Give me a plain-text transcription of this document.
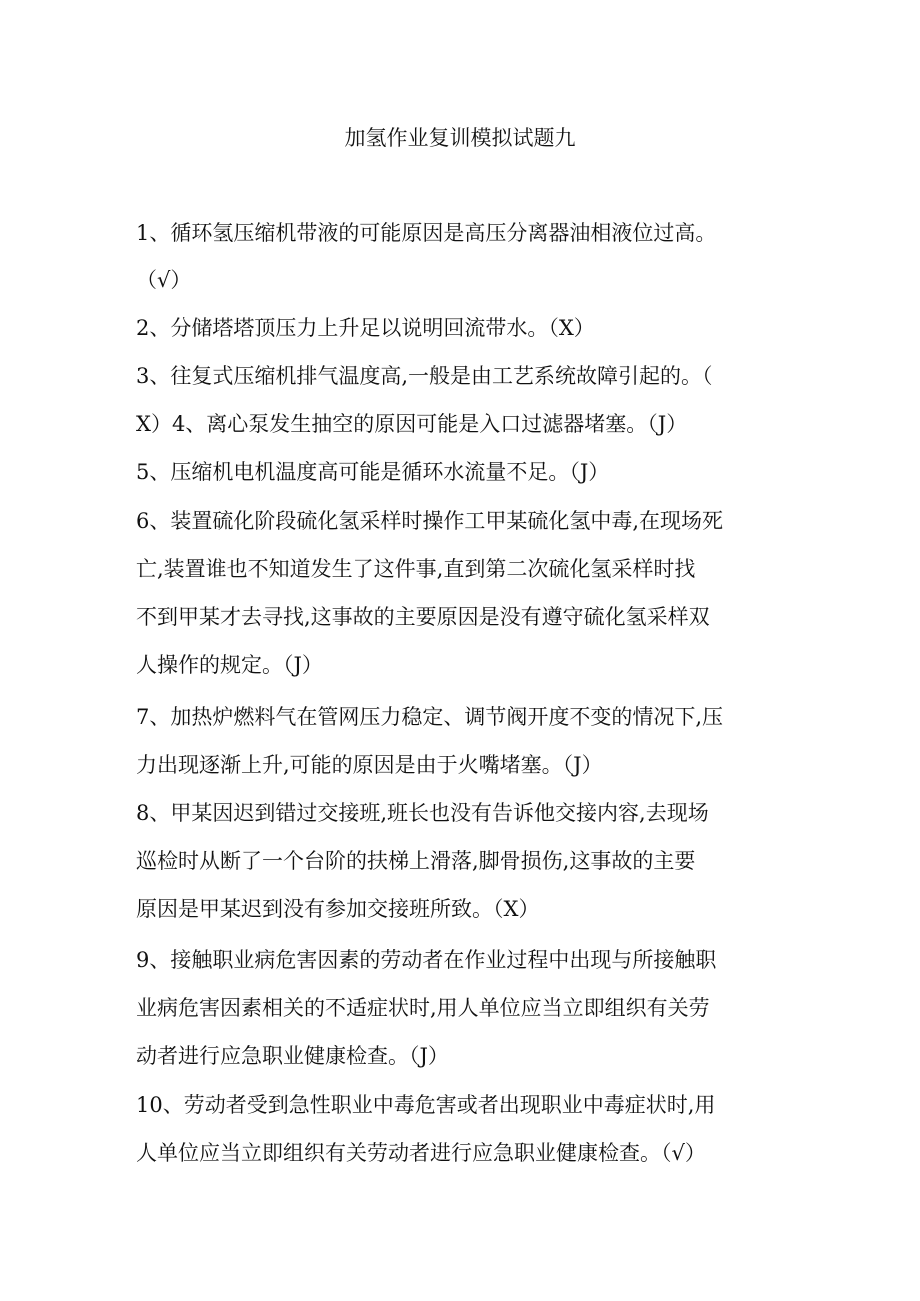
加氢作业复训模拟试题九
1、循环氢压缩机带液的可能原因是高压分离器油相液位过高。
（√）
2、分储塔塔顶压力上升足以说明回流带水。（X）
3、往复式压缩机排气温度高,一般是由工艺系统故障引起的。（
X）4、离心泵发生抽空的原因可能是入口过滤器堵塞。（J）
5、压缩机电机温度高可能是循环水流量不足。（J）
6、装置硫化阶段硫化氢采样时操作工甲某硫化氢中毒,在现场死
亡,装置谁也不知道发生了这件事,直到第二次硫化氢采样时找
不到甲某才去寻找,这事故的主要原因是没有遵守硫化氢采样双
人操作的规定。（J）
7、加热炉燃料气在管网压力稳定、调节阀开度不变的情况下,压
力出现逐渐上升,可能的原因是由于火嘴堵塞。（J）
8、甲某因迟到错过交接班,班长也没有告诉他交接内容,去现场
巡检时从断了一个台阶的扶梯上滑落,脚骨损伤,这事故的主要
原因是甲某迟到没有参加交接班所致。（X）
9、接触职业病危害因素的劳动者在作业过程中出现与所接触职
业病危害因素相关的不适症状时,用人单位应当立即组织有关劳
动者进行应急职业健康检查。（J）
10、劳动者受到急性职业中毒危害或者出现职业中毒症状时,用
人单位应当立即组织有关劳动者进行应急职业健康检查。（√）
